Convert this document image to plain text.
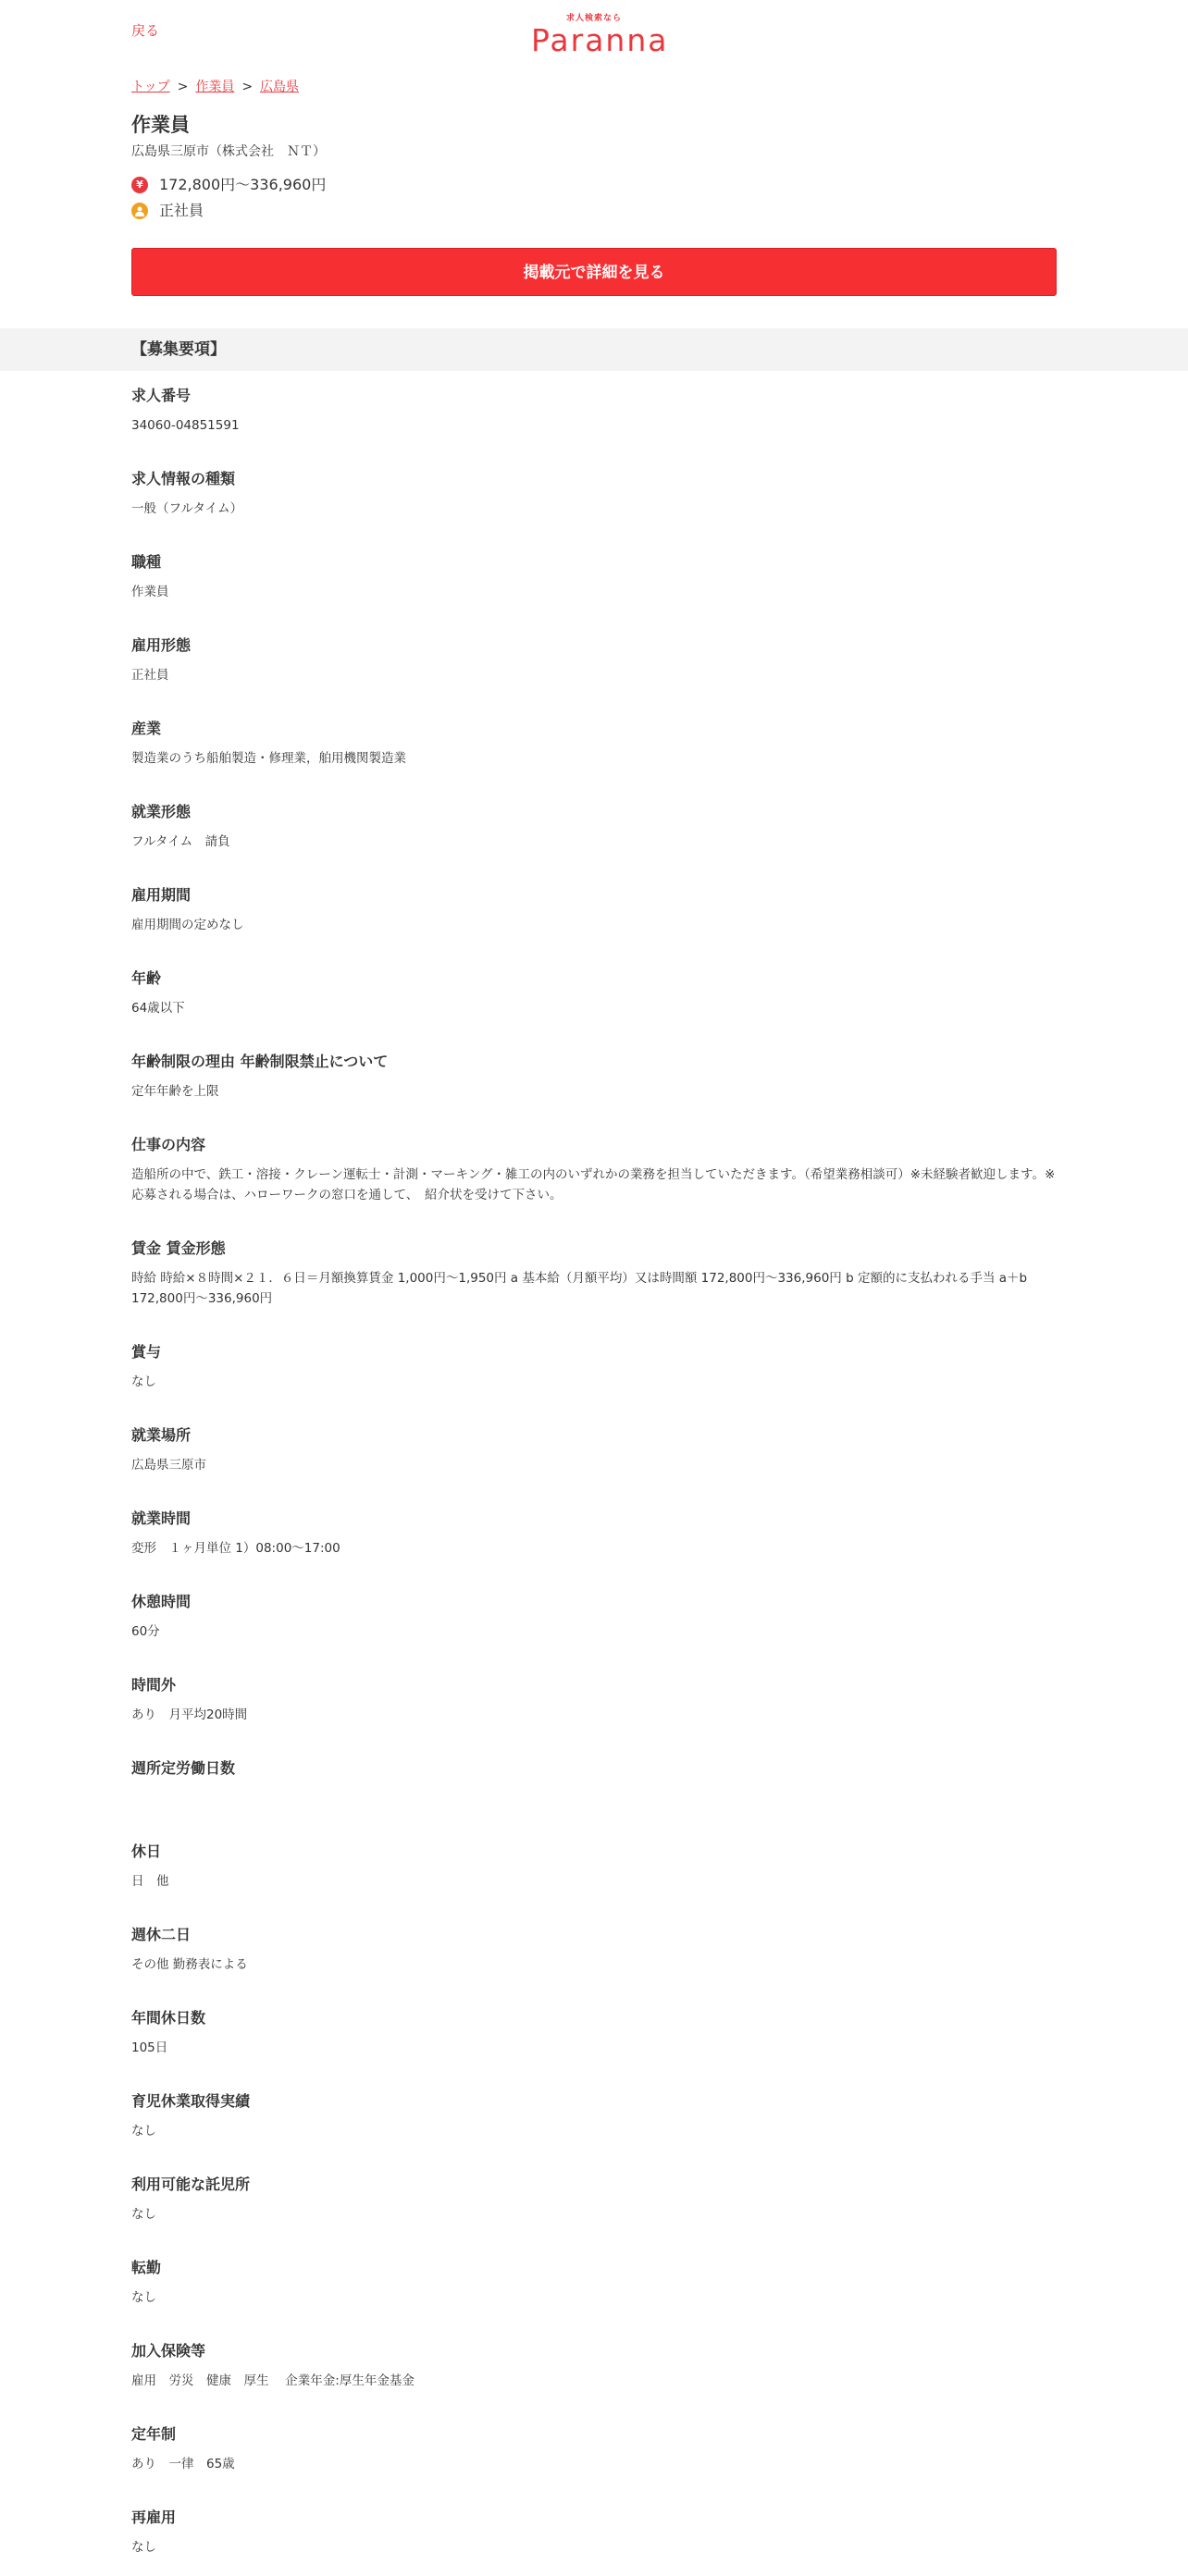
戻る
求人検索なら
Paranna
トップ > 作業員 > 広島県
作業員
広島県三原市（株式会社　ＮＴ）
¥	172,800円～336,960円
正社員
掲載元で詳細を見る
【募集要項】
求人番号
34060-04851591
求人情報の種類
一般（フルタイム）
職種
作業員
雇用形態
正社員
産業
製造業のうち船舶製造・修理業，舶用機関製造業
就業形態
フルタイム　請負
雇用期間
雇用期間の定めなし
年齢
64歳以下
年齢制限の理由 年齢制限禁止について
定年年齢を上限
仕事の内容
造船所の中で、鉄工・溶接・クレーン運転士・計測・マーキング・雑工の内のいずれかの業務を担当していただきます。（希望業務相談可）※未経験者歓迎します。※応募される場合は、ハローワークの窓口を通して、　紹介状を受けて下さい。
賃金 賃金形態
時給 時給×８時間×２１．６日＝月額換算賃金 1,000円～1,950円 a 基本給（月額平均）又は時間額 172,800円～336,960円 b 定額的に支払われる手当 a＋b 172,800円～336,960円
賞与
なし
就業場所
広島県三原市
就業時間
変形　１ヶ月単位 1）08:00～17:00
休憩時間
60分
時間外
あり　月平均20時間
週所定労働日数
休日
日　他
週休二日
その他 勤務表による
年間休日数
105日
育児休業取得実績
なし
利用可能な託児所
なし
転勤
なし
加入保険等
雇用　労災　健康　厚生　 企業年金:厚生年金基金
定年制
あり　一律　65歳
再雇用
なし
